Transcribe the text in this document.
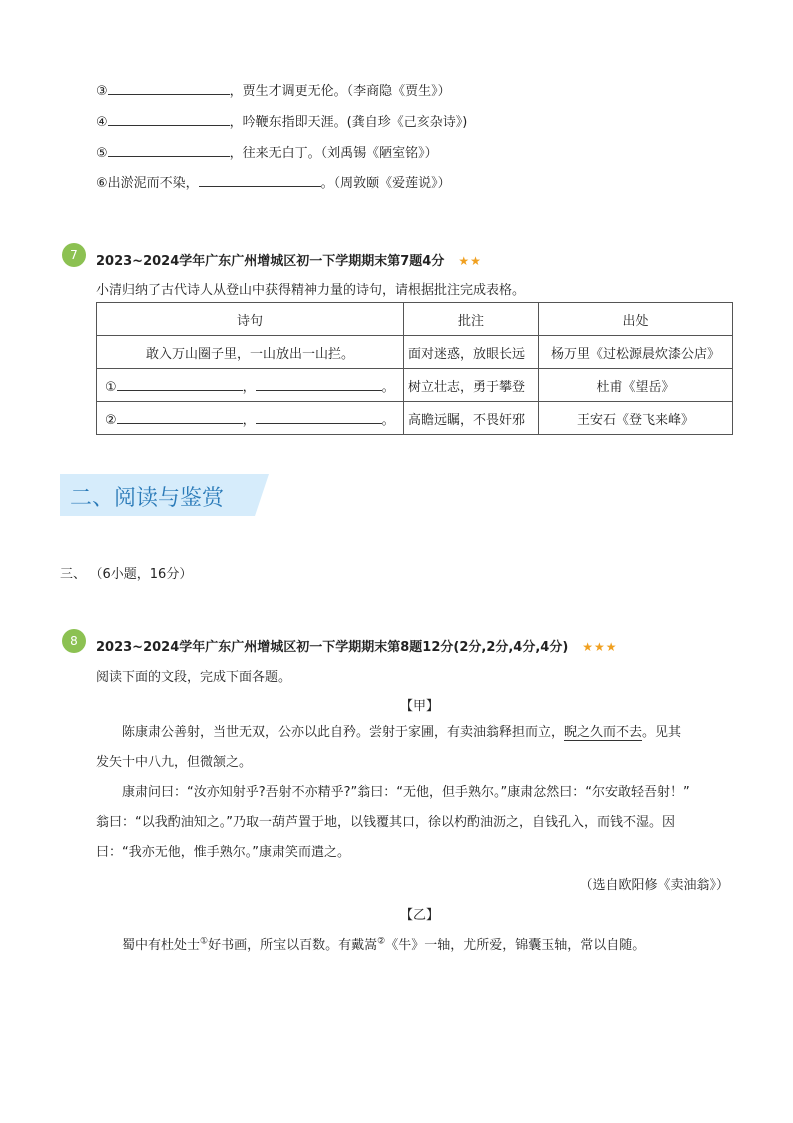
③	，贾生才调更无伦。（李商隐《贾生》）
④	，吟鞭东指即天涯。(龚自珍《己亥杂诗》)
⑤	，往来无白丁。（刘禹锡《陋室铭》）
⑥出淤泥而不染，	。（周敦颐《爱莲说》）
7	2023~2024学年广东广州增城区初一下学期期末第7题4分 ★★
小清归纳了古代诗人从登山中获得精神力量的诗句，请根据批注完成表格。
诗句	批注	出处
敢入万山圈子里，一山放出一山拦。	面对迷惑，放眼长远	杨万里《过松源晨炊漆公店》
① ， 。	树立壮志，勇于攀登	杜甫《望岳》
② ， 。	高瞻远瞩，不畏奸邪	王安石《登飞来峰》
二、阅读与鉴赏
三、 （6小题，16分）
8	2023~2024学年广东广州增城区初一下学期期末第8题12分(2分,2分,4分,4分) ★★★
阅读下面的文段，完成下面各题。
【甲】
陈康肃公善射，当世无双，公亦以此自矜。尝射于家圃，有卖油翁释担而立，睨之久而不去。见其
发矢十中八九，但微颔之。
康肃问曰：“汝亦知射乎?吾射不亦精乎?”翁曰：“无他，但手熟尔。”康肃忿然曰：“尔安敢轻吾射！”
翁曰：“以我酌油知之。”乃取一葫芦置于地，以钱覆其口，徐以杓酌油沥之，自钱孔入，而钱不湿。因
曰：“我亦无他，惟手熟尔。”康肃笑而遣之。
（选自欧阳修《卖油翁》）
【乙】
蜀中有杜处士①好书画，所宝以百数。有戴嵩②《牛》一轴，尤所爱，锦囊玉轴，常以自随。
